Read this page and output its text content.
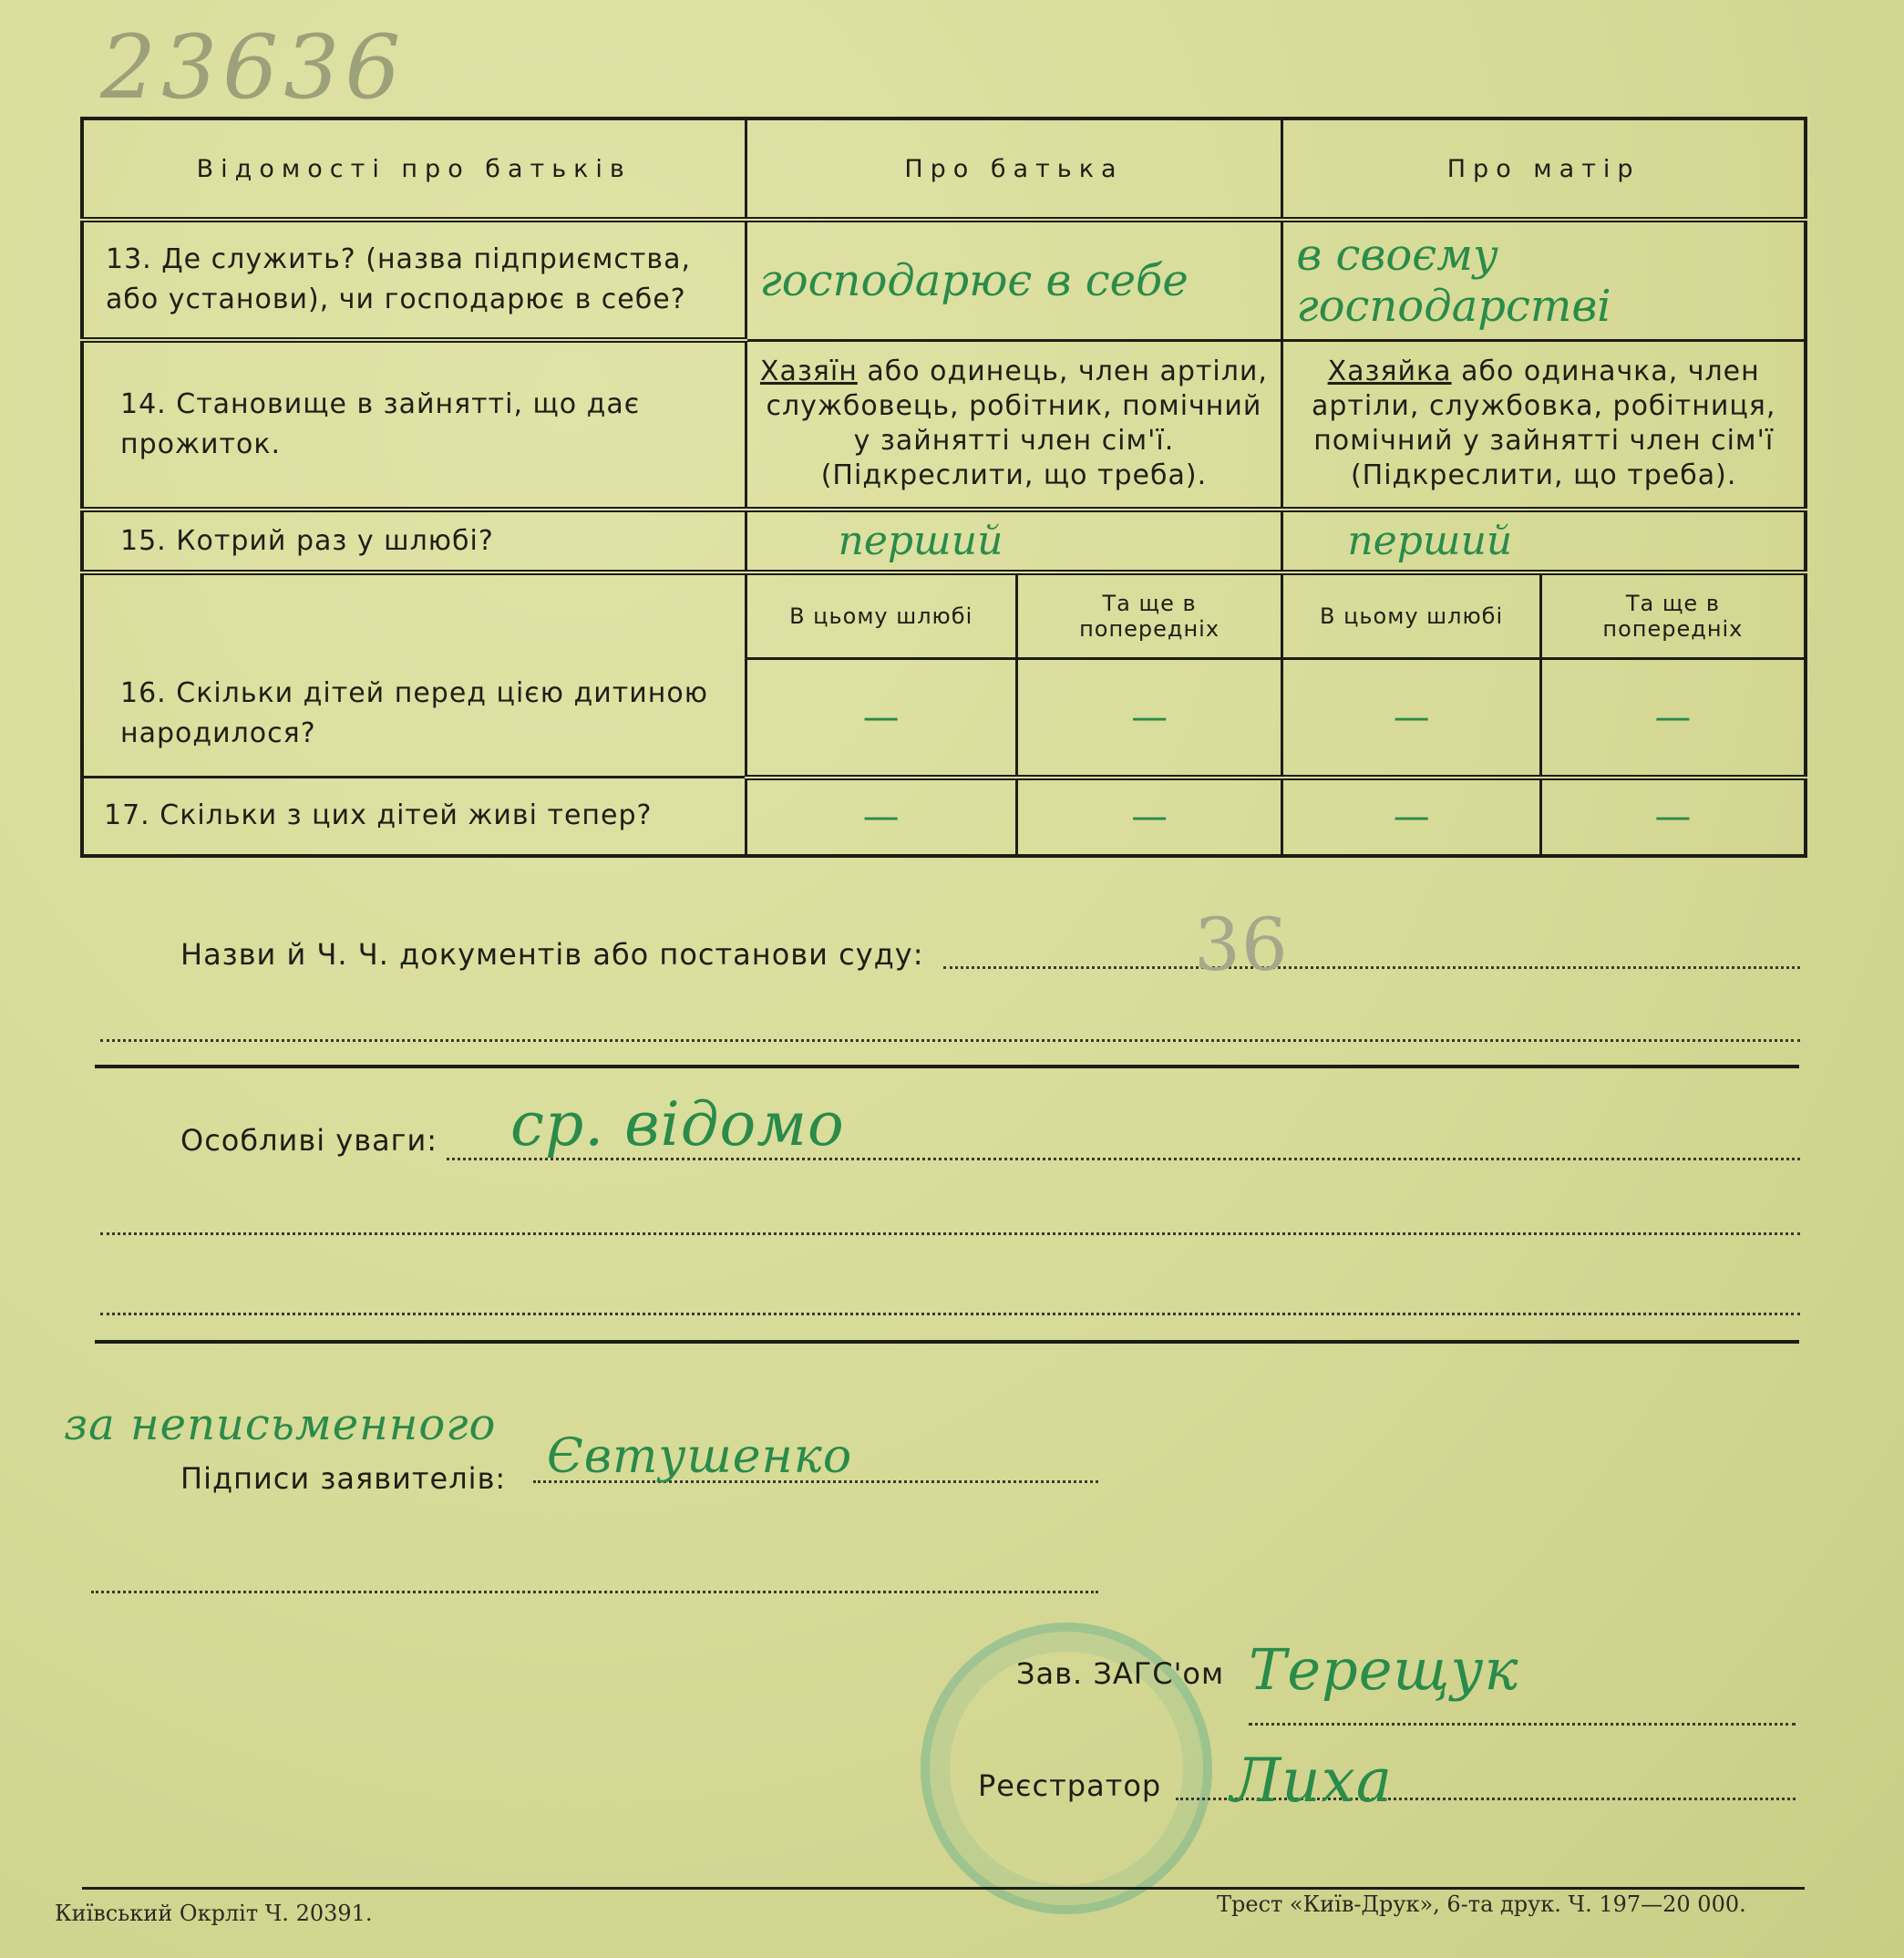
23636
Відомості про батьків	Про батька		Про матір	
13. Де служить? (назва підприємства, або установи), чи господарює в себе?	господарює в себе		в своєму господарстві	
14. Становище в зайнятті, що дає прожиток.	Хазяїн або одинець, член артіли, службовець, робітник, помічний у зайнятті член сім'ї. (Підкреслити, що треба).		Хазяйка або одиначка, член артіли, службовка, робітниця, помічний у зайнятті член сім'ї (Підкреслити, що треба).	
15. Котрий раз у шлюбі?	перший		перший	
16. Скільки дітей перед цією дитиною народилося?	В цьому шлюбі	Та ще в попередніх	В цьому шлюбі	Та ще в попередніх
	—	—	—	—
17. Скільки з цих дітей живі тепер?	—	—	—	—
Назви й Ч. Ч. документів або постанови суду:	36
Особливі уваги: ср. відомо
за неписьменного
Підписи заявителів: Євтушенко
Зав. ЗАГС'ом Терещук
Реєстратор Лиха
Київський Окрліт Ч. 20391.	Трест «Київ-Друк», 6-та друк. Ч. 197—20 000.
